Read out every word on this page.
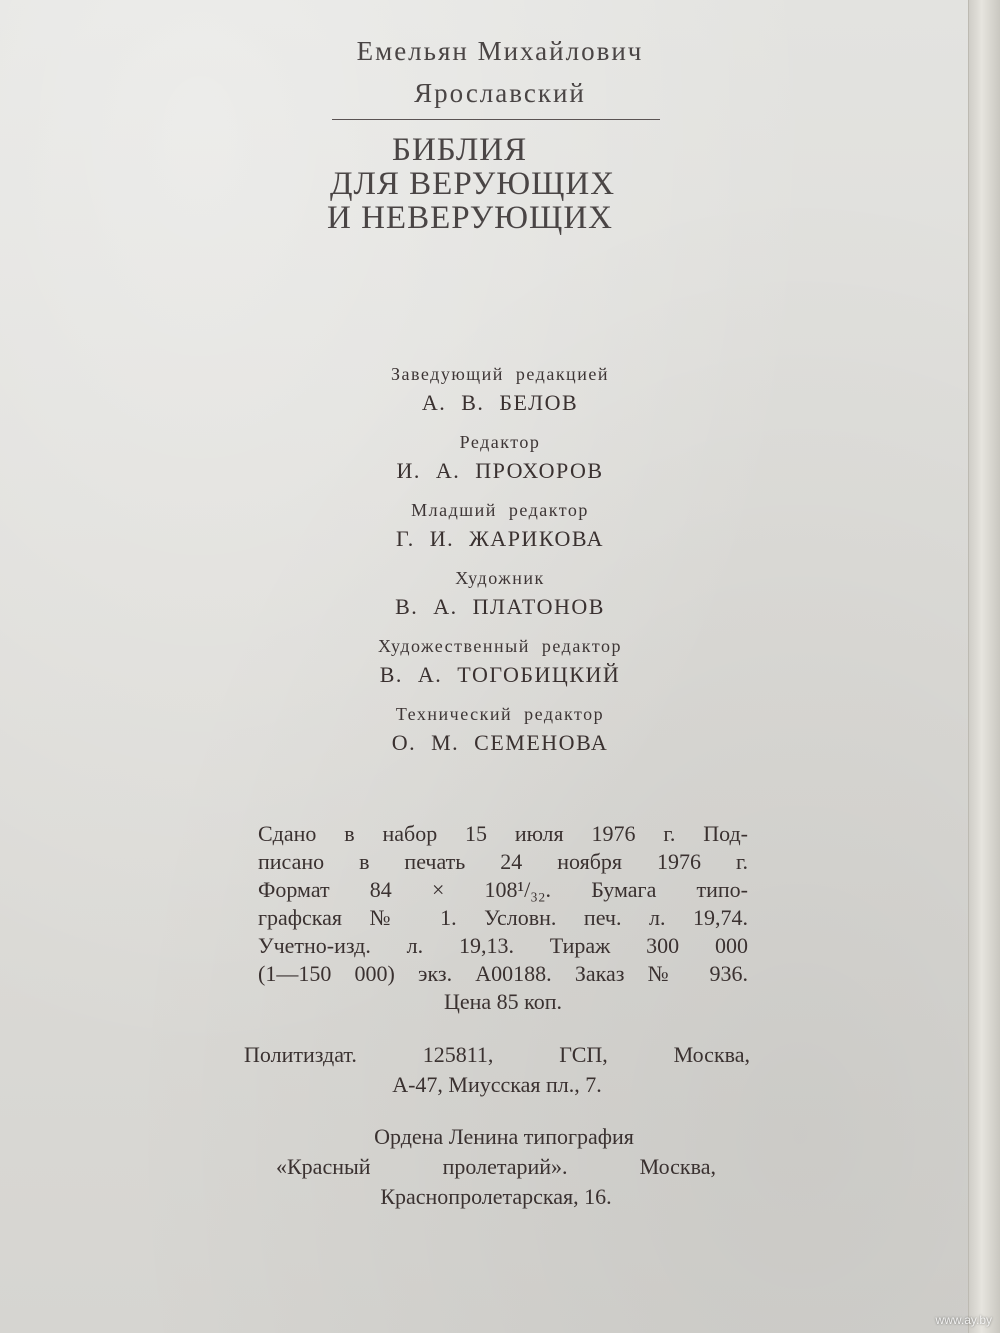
Емельян Михайлович
Ярославский
БИБЛИЯ
ДЛЯ ВЕРУЮЩИХ
И НЕВЕРУЮЩИХ
Заведующий редакцией
А. В. БЕЛОВ
Редактор
И. А. ПРОХОРОВ
Младший редактор
Г. И. ЖАРИКОВА
Художник
В. А. ПЛАТОНОВ
Художественный редактор
В. А. ТОГОБИЦКИЙ
Технический редактор
О. М. СЕМЕНОВА
Сдано в набор 15 июля 1976 г. Под-
писано в печать 24 ноября 1976 г.
Формат 84 × 108¹/₃₂. Бумага типо-
графская № 1. Условн. печ. л. 19,74.
Учетно-изд. л. 19,13. Тираж 300 000
(1—150 000) экз. А00188. Заказ № 936.
Цена 85 коп.
Политиздат. 125811, ГСП, Москва,
А-47, Миусская пл., 7.
Ордена Ленина типография
«Красный пролетарий». Москва,
Краснопролетарская, 16.
www.ay.by
